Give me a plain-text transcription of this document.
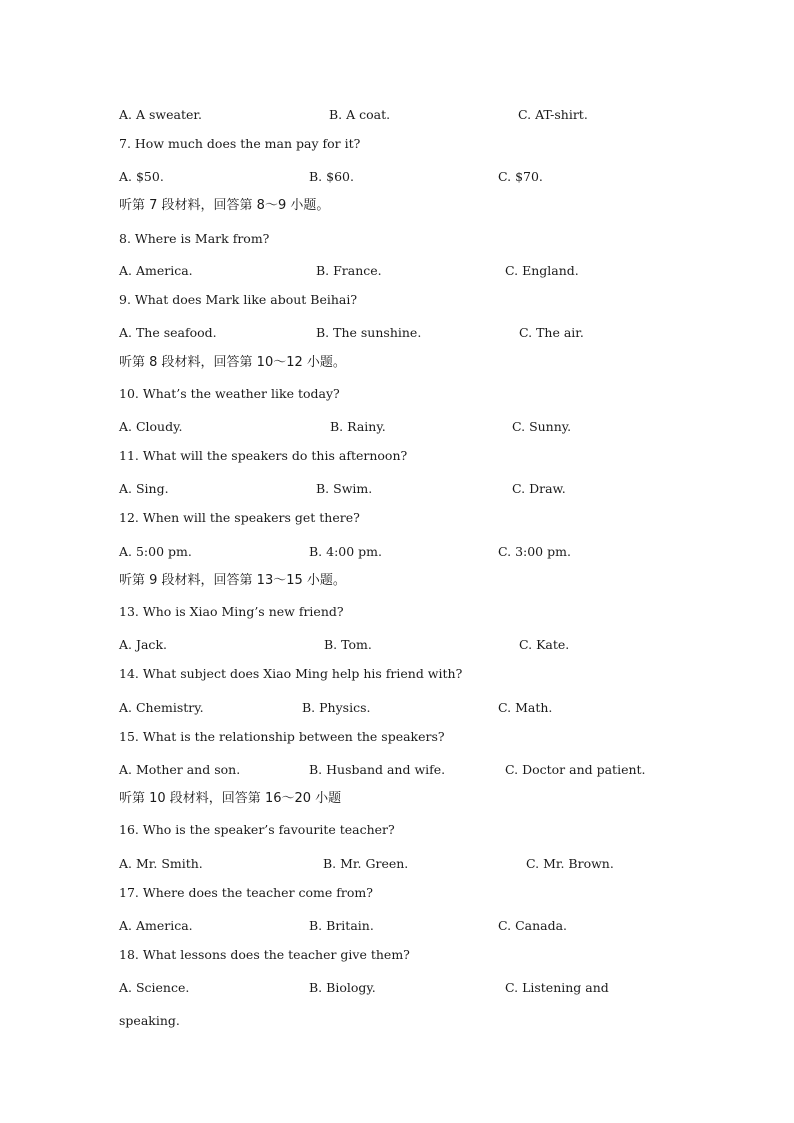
A. A sweater.	B. A coat.	C. AT-shirt.
7. How much does the man pay for it?
A. $50.	B. $60.	C. $70.
听第 7 段材料，回答第 8～9 小题。
8. Where is Mark from?
A. America.	B. France.	C. England.
9. What does Mark like about Beihai?
A. The seafood.	B. The sunshine.	C. The air.
听第 8 段材料，回答第 10～12 小题。
10. What’s the weather like today?
A. Cloudy.	B. Rainy.	C. Sunny.
11. What will the speakers do this afternoon?
A. Sing.	B. Swim.	C. Draw.
12. When will the speakers get there?
A. 5:00 pm.	B. 4:00 pm.	C. 3:00 pm.
听第 9 段材料，回答第 13～15 小题。
13. Who is Xiao Ming’s new friend?
A. Jack.	B. Tom.	C. Kate.
14. What subject does Xiao Ming help his friend with?
A. Chemistry.	B. Physics.	C. Math.
15. What is the relationship between the speakers?
A. Mother and son.	B. Husband and wife.	C. Doctor and patient.
听第 10 段材料，回答第 16～20 小题
16. Who is the speaker’s favourite teacher?
A. Mr. Smith.	B. Mr. Green.	C. Mr. Brown.
17. Where does the teacher come from?
A. America.	B. Britain.	C. Canada.
18. What lessons does the teacher give them?
A. Science.	B. Biology.	C. Listening and
speaking.
